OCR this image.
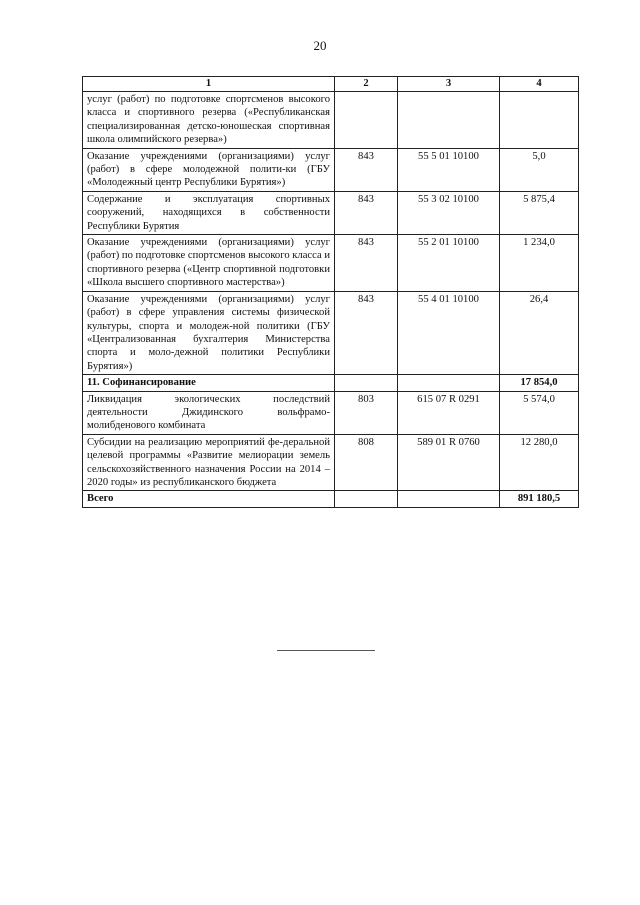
20
1	2	3	4
услуг (работ) по подготовке спортсменов высокого класса и спортивного резерва («Республиканская специализированная детско-юношеская спортивная школа олимпийского резерва»)			
Оказание учреждениями (организациями) услуг (работ) в сфере молодежной полити-ки (ГБУ «Молодежный центр Республики Бурятия»)	843	55 5 01 10100	5,0
Содержание и эксплуатация спортивных сооружений, находящихся в собственности Республики Бурятия	843	55 3 02 10100	5 875,4
Оказание учреждениями (организациями) услуг (работ) по подготовке спортсменов высокого класса и спортивного резерва («Центр спортивной подготовки «Школа высшего спортивного мастерства»)	843	55 2 01 10100	1 234,0
Оказание учреждениями (организациями) услуг (работ) в сфере управления системы физической культуры, спорта и молодеж-ной политики (ГБУ «Централизованная бухгалтерия Министерства спорта и моло-дежной политики Республики Бурятия»)	843	55 4 01 10100	26,4
11. Софинансирование			17 854,0
Ликвидация экологических последствий деятельности Джидинского вольфрамо-молибденового комбината	803	615 07 R 0291	5 574,0
Субсидии на реализацию мероприятий фе-деральной целевой программы «Развитие мелиорации земель сельскохозяйственного назначения России на 2014 – 2020 годы» из республиканского бюджета	808	589 01 R 0760	12 280,0
Всего			891 180,5
